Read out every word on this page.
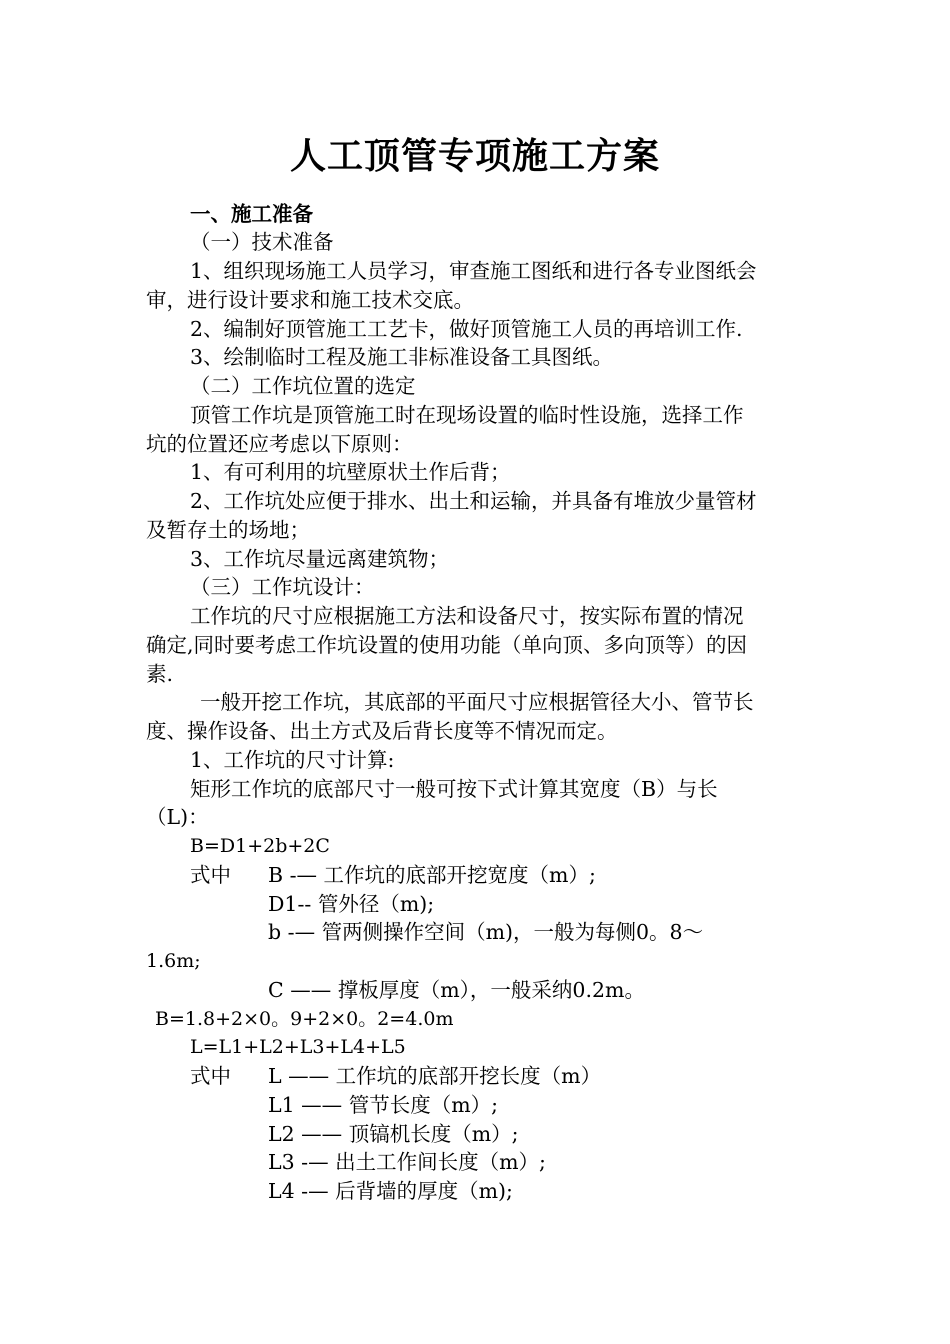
人工顶管专项施工方案
一、施工准备
（一）技术准备
1、组织现场施工人员学习，审查施工图纸和进行各专业图纸会
审，进行设计要求和施工技术交底。
2、编制好顶管施工工艺卡，做好顶管施工人员的再培训工作.
3、绘制临时工程及施工非标准设备工具图纸。
（二）工作坑位置的选定
顶管工作坑是顶管施工时在现场设置的临时性设施，选择工作
坑的位置还应考虑以下原则：
1、有可利用的坑壁原状土作后背；
2、工作坑处应便于排水、出土和运输，并具备有堆放少量管材
及暂存土的场地；
3、工作坑尽量远离建筑物；
（三）工作坑设计：
工作坑的尺寸应根据施工方法和设备尺寸，按实际布置的情况
确定,同时要考虑工作坑设置的使用功能（单向顶、多向顶等）的因
素.
一般开挖工作坑，其底部的平面尺寸应根据管径大小、管节长
度、操作设备、出土方式及后背长度等不情况而定。
1、工作坑的尺寸计算:
矩形工作坑的底部尺寸一般可按下式计算其宽度（B）与长
（L)：
B=D1+2b+2C
式中 B -— 工作坑的底部开挖宽度（m）;
D1-- 管外径（m);
b -— 管两侧操作空间（m)，一般为每侧0。8～
1.6m;
C —— 撑板厚度（m），一般采纳0.2m。
B=1.8+2×0。9+2×0。2=4.0m
L=L1+L2+L3+L4+L5
式中 L —— 工作坑的底部开挖长度（m）
L1 —— 管节长度（m）;
L2 —— 顶镐机长度（m）;
L3 -— 出土工作间长度（m）;
L4 -— 后背墙的厚度（m);
